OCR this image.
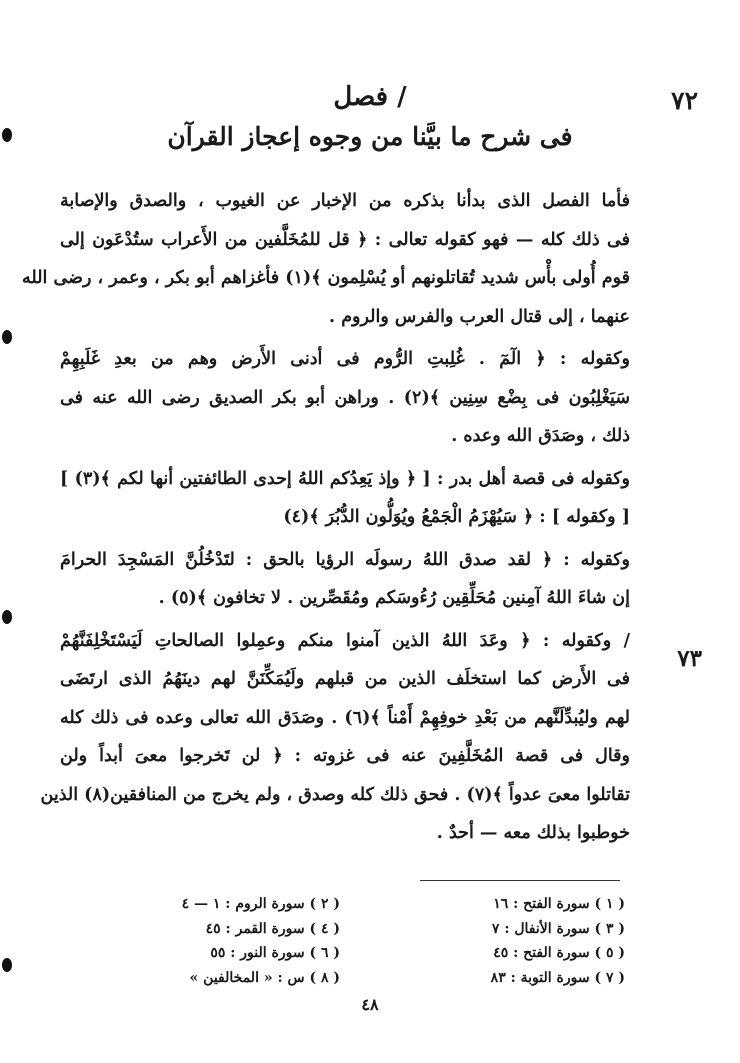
٧٢
/ فصل
فى شرح ما بيَّنا من وجوه إعجاز القرآن
٧٣
فأما الفصل الذى بدأنا بذكره من الإخبار عن الغيوب ، والصدق والإصابة
فى ذلك كله — فهو كقوله تعالى : ﴿ قل للمُخَلَّفين من الأَعراب ستُدْعَون إلى
قوم أُولى بأْس شديد تُقاتلونهم أو يُسْلِمون ﴾(١) فأغزاهم أبو بكر ، وعمر ، رضى الله
عنهما ، إلى قتال العرب والفرس والروم .
وكقوله : ﴿ الٓمٓ . غُلِبتِ الرُّوم فى أدنى الأَرض وهم من بعدِ غَلَبِهِمْ
سَيَغْلِبُون فى بِضْع سِنِين ﴾(٢) . وراهن أبو بكر الصديق رضى الله عنه فى
ذلك ، وصَدَق الله وعده .
وكقوله فى قصة أهل بدر : [ ﴿ وإذ يَعِدُكم اللهُ إحدى الطائفتين أنها لكم ﴾(٣) ]
[ وكقوله ] : ﴿ سَيُهْزَمُ الْجَمْعُ ويُوَلُّون الدُّبُرَ ﴾(٤)
وكقوله : ﴿ لقد صدق اللهُ رسولَه الرؤيا بالحق : لتَدْخُلُنَّ المَسْجِدَ الحرامَ
إن شاءَ اللهُ آمِنين مُحَلِّقِين رُءُوسَكم ومُقَصِّرين . لا تخافون ﴾(٥) .
/ وكقوله : ﴿ وعَدَ اللهُ الذين آمنوا منكم وعمِلوا الصالحاتِ لَيَسْتَخْلِفَنَّهُمْ
فى الأَرض كما استخلَف الذين من قبلهم ولَيُمَكِّنَنَّ لهم دينَهُمُ الذى ارتَضَى
لهم وليُبدِّلَنَّهم من بَعْدِ خوفِهِمْ أَمْناً ﴾(٦) . وصَدَق الله تعالى وعده فى ذلك كله
وقال فى قصة المُخَلَّفِينَ عنه فى غزوته : ﴿ لن تَخرجوا معىَ أبداً ولن
تقاتلوا معىَ عدواً ﴾(٧) . فحق ذلك كله وصدق ، ولم يخرج من المنافقين(٨) الذين
خوطبوا بذلك معه — أحدٌ .
( ١ ) سورة الفتح : ١٦
( ٣ ) سورة الأنفال : ٧
( ٥ ) سورة الفتح : ٤٥
( ٧ ) سورة التوبة : ٨٣
( ٢ ) سورة الروم : ١ — ٤
( ٤ ) سورة القمر : ٤٥
( ٦ ) سورة النور : ٥٥
( ٨ ) س : « المخالفين »
٤٨
